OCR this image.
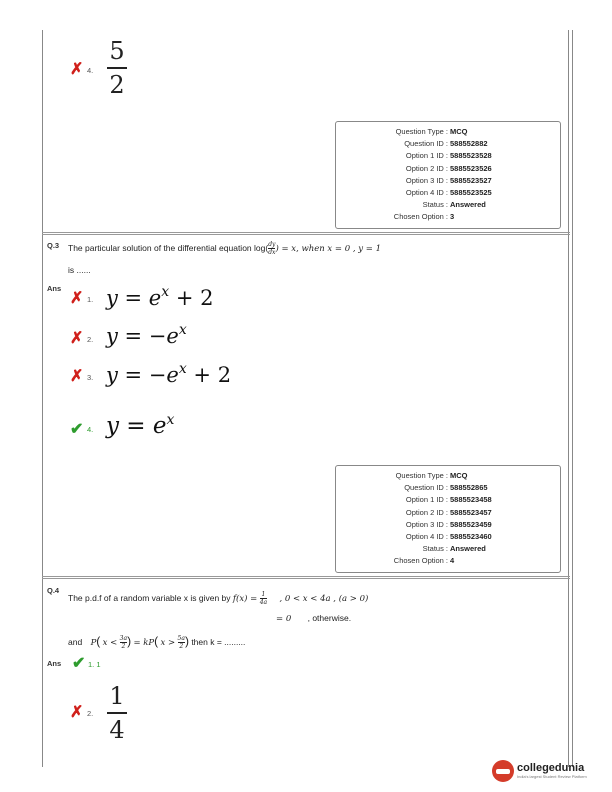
✗ 4.
5
2
Question Type : MCQ
Question ID : 588552882
Option 1 ID : 5885523528
Option 2 ID : 5885523526
Option 3 ID : 5885523527
Option 4 ID : 5885523525
Status : Answered
Chosen Option : 3
Q.3 The particular solution of the differential equation $\log(\frac{dy}{dx}$ ) = x, when x = 0 , y = 1
is ......
Ans
✗ 1. $y = e^x + 2$
✗ 2. $y = -e^x$
✗ 3. $y = -e^x + 2$
✔ 4. $y = e^x$
Question Type : MCQ
Question ID : 588552865
Option 1 ID : 5885523458
Option 2 ID : 5885523457
Option 3 ID : 5885523459
Option 4 ID : 5885523460
Status : Answered
Chosen Option : 4
Q.4
The p.d.f of a random variable x is given by $f(x) = \frac{1}{4a}$ , 0 < x < 4a , (a > 0)
= 0 , otherwise.
and P( $x < \frac{3a}{2}$ ) = kP( $x > \frac{5a}{2}$ ) then k = .........
Ans ✔ 1. 1
✗ 2.
1
4
collegedunia
India's largest Student Review Platform
